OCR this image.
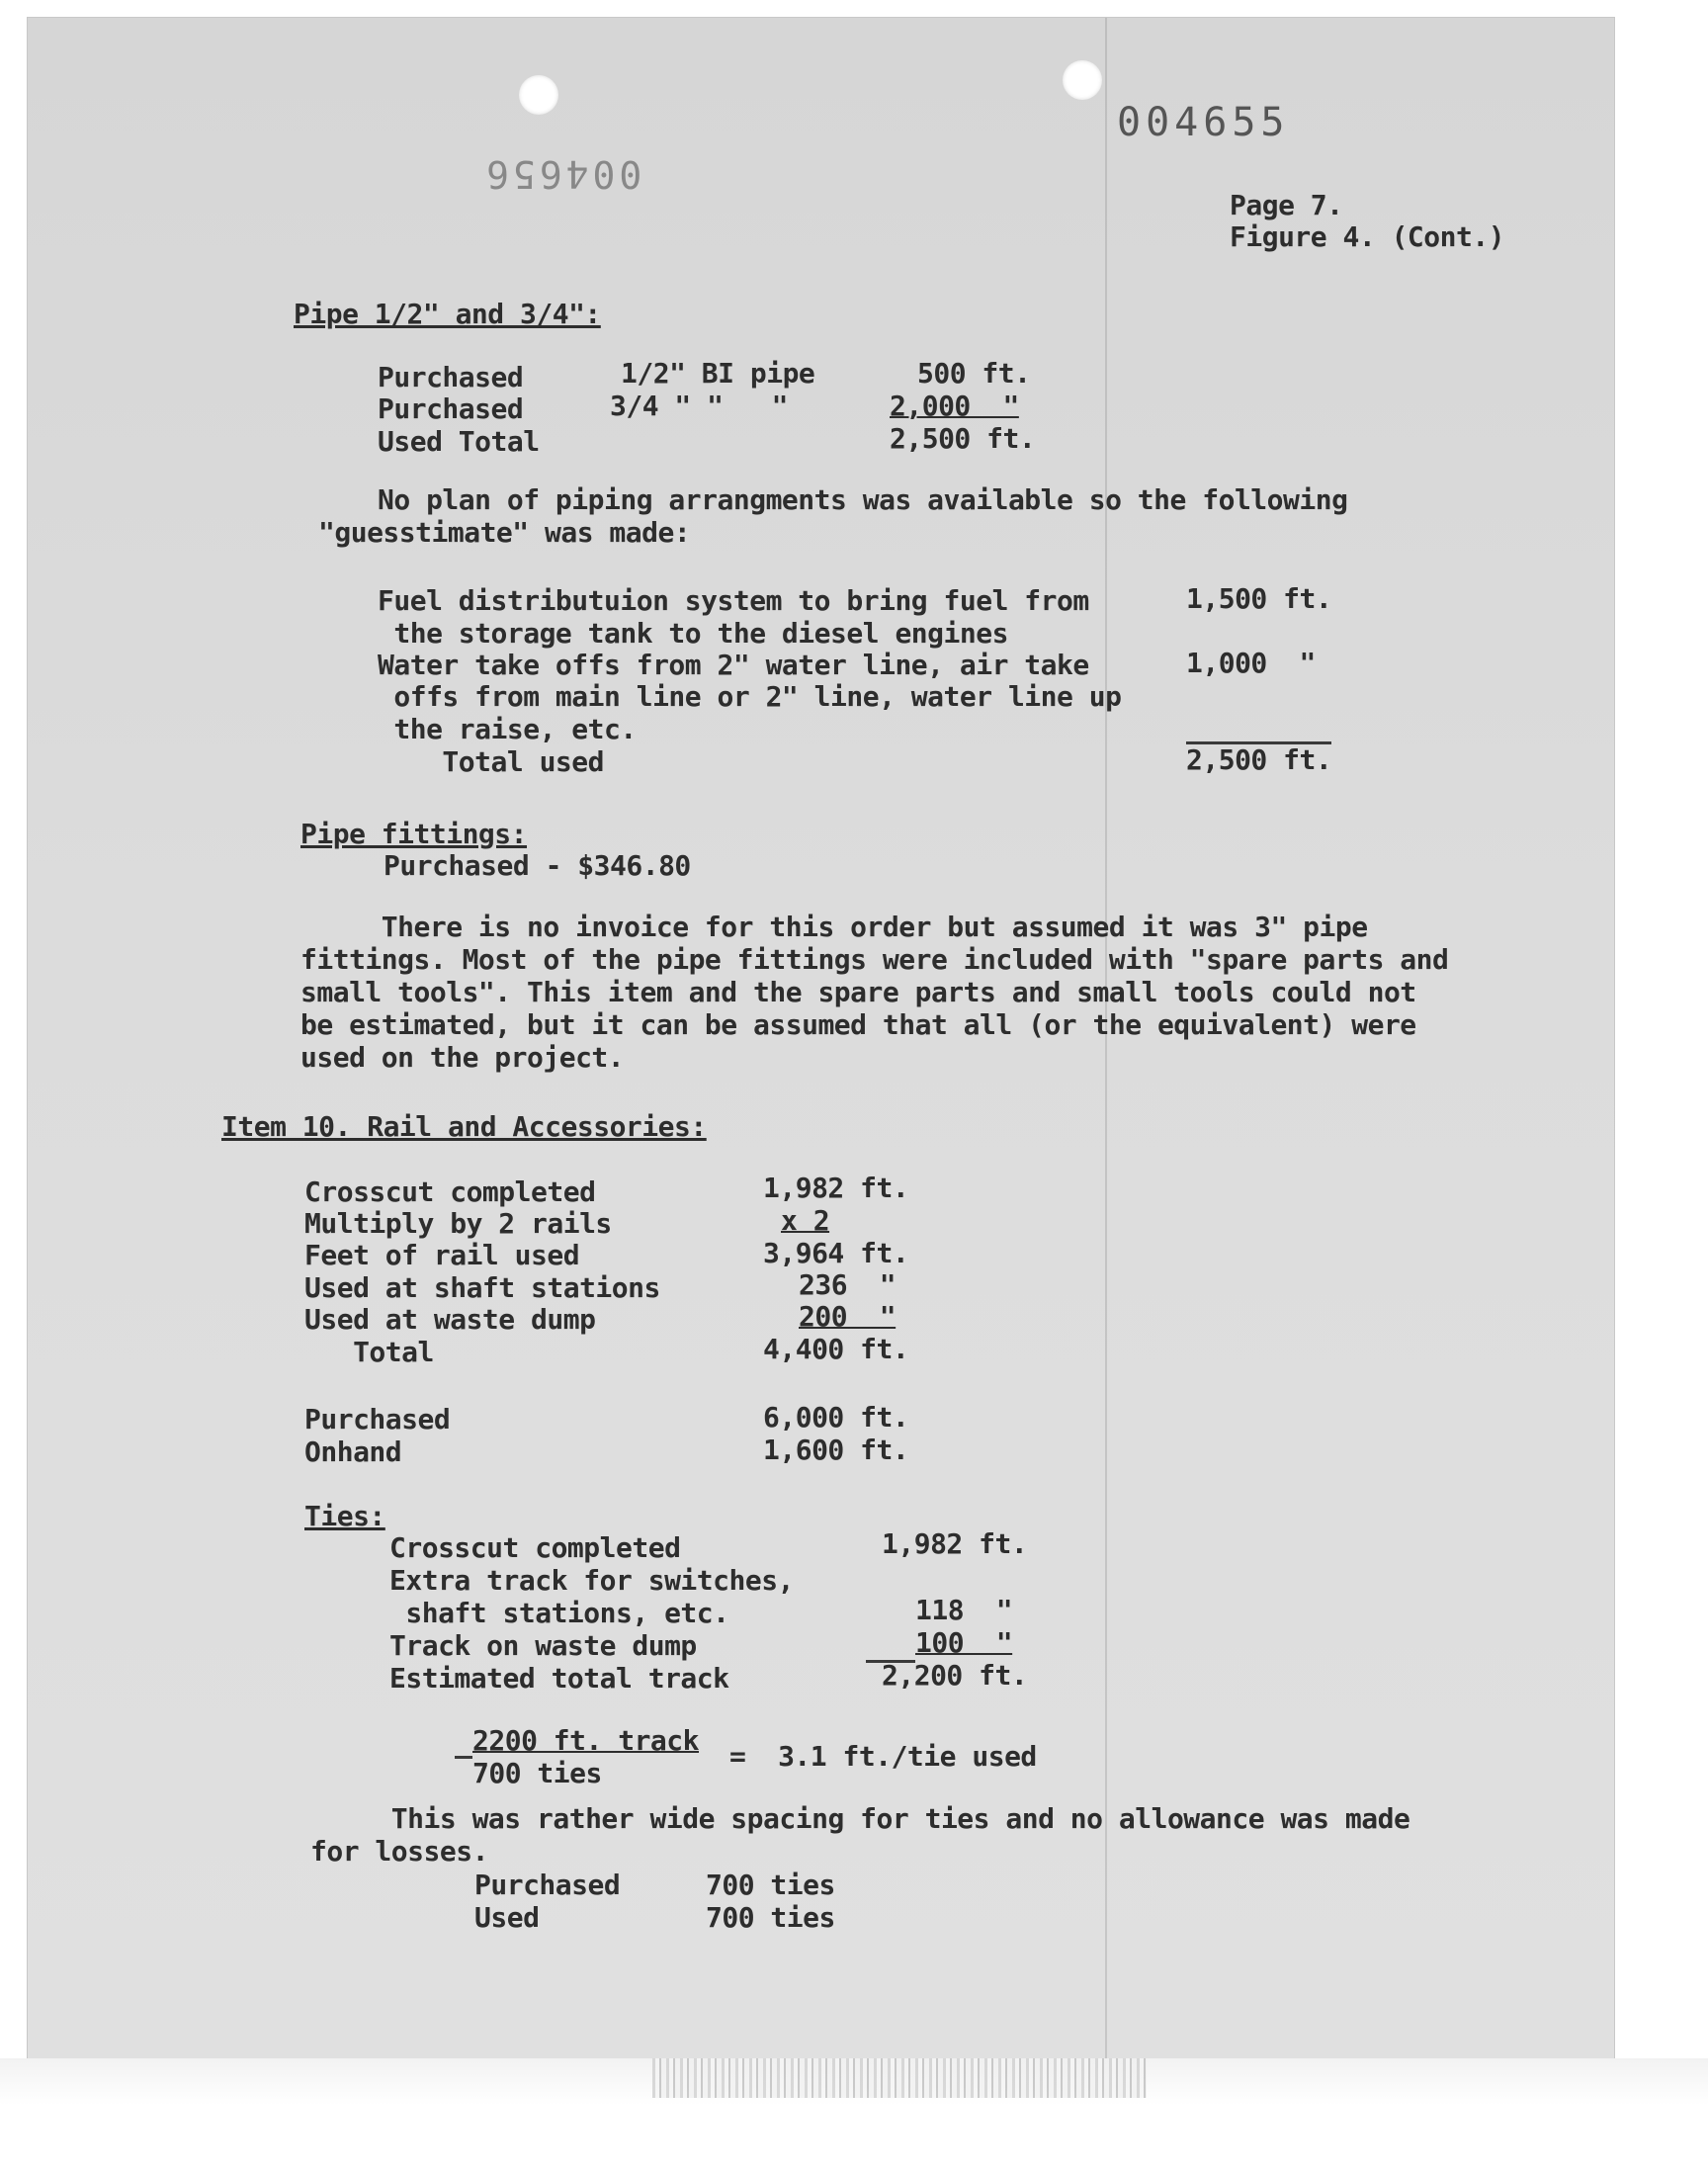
004655
004656
Page 7.
Figure 4. (Cont.)
Pipe 1/2" and 3/4":
Purchased	1/2" BI pipe	500 ft.
Purchased	3/4 " "   "	2,000  "
Used Total	2,500 ft.
No plan of piping arrangments was available so the following
"guesstimate" was made:
Fuel distributuion system to bring fuel from	1,500 ft.
the storage tank to the diesel engines
Water take offs from 2" water line, air take	1,000  "
offs from main line or 2" line, water line up
the raise, etc.
Total used	2,500 ft.
Pipe fittings:
Purchased - $346.80
There is no invoice for this order but assumed it was 3" pipe
fittings. Most of the pipe fittings were included with "spare parts and
small tools". This item and the spare parts and small tools could not
be estimated, but it can be assumed that all (or the equivalent) were
used on the project.
Item 10. Rail and Accessories:
Crosscut completed	1,982 ft.
Multiply by 2 rails	x 2
Feet of rail used	3,964 ft.
Used at shaft stations	236  "
Used at waste dump	200  "
Total	4,400 ft.
Purchased	6,000 ft.
Onhand	1,600 ft.
Ties:
Crosscut completed	1,982 ft.
Extra track for switches,
shaft stations, etc.	118  "
Track on waste dump	100  "
Estimated total track	2,200 ft.
2200 ft. track
700 ties
=  3.1 ft./tie used
This was rather wide spacing for ties and no allowance was made
for losses.
Purchased	700 ties
Used	700 ties
